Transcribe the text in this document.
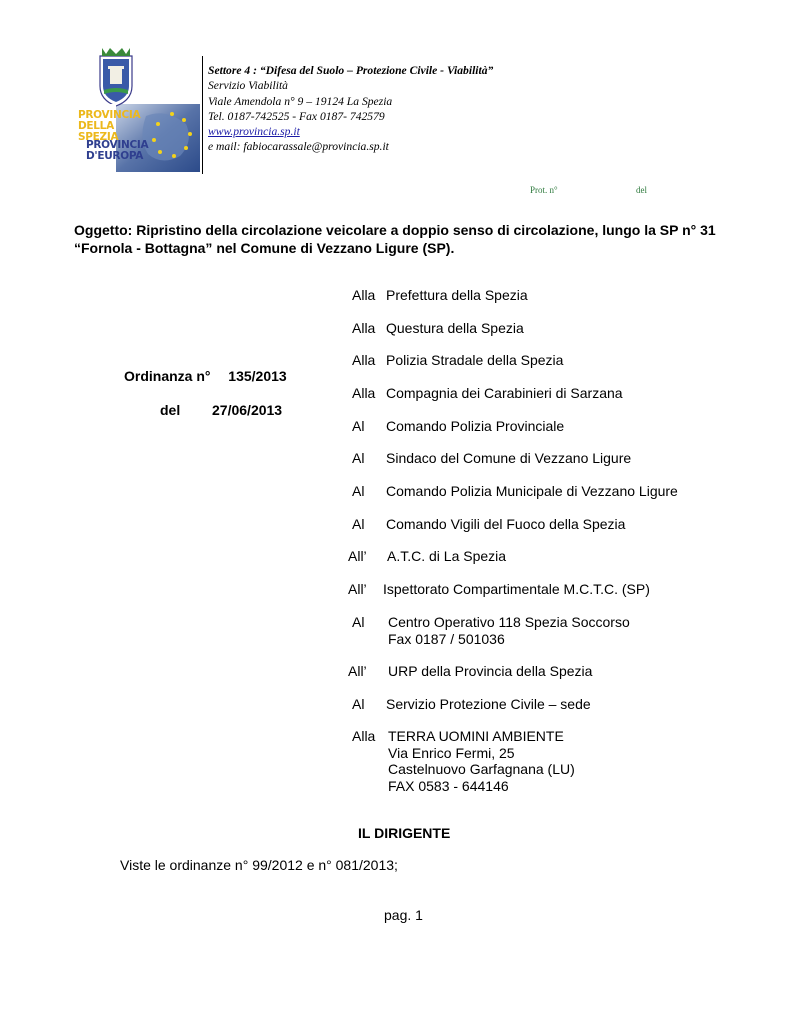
PROVINCIA
DELLA SPEZIA
PROVINCIA
D'EUROPA
Settore 4 : “Difesa del Suolo – Protezione Civile - Viabilità”
Servizio Viabilità
Viale Amendola n° 9 – 19124 La Spezia
Tel. 0187-742525 - Fax 0187- 742579
www.provincia.sp.it
e mail: fabiocarassale@provincia.sp.it
Prot. n°	del
Oggetto: Ripristino della circolazione veicolare a doppio senso di circolazione, lungo la SP n° 31
“Fornola - Bottagna” nel Comune di Vezzano Ligure (SP).
Ordinanza n° 135/2013
del 27/06/2013
Alla Prefettura della Spezia
Alla Questura della Spezia
Alla Polizia Stradale della Spezia
Alla Compagnia dei Carabinieri di Sarzana
Al Comando Polizia Provinciale
Al Sindaco del Comune di Vezzano Ligure
Al Comando Polizia Municipale di Vezzano Ligure
Al Comando Vigili del Fuoco della Spezia
All’ A.T.C. di La Spezia
All’ Ispettorato Compartimentale M.C.T.C. (SP)
Al Centro Operativo 118 Spezia Soccorso
Fax 0187 / 501036
All’ URP della Provincia della Spezia
Al Servizio Protezione Civile – sede
Alla TERRA UOMINI AMBIENTE
Via Enrico Fermi, 25
Castelnuovo Garfagnana (LU)
FAX 0583 - 644146
IL DIRIGENTE
Viste le ordinanze n° 99/2012 e n° 081/2013;
pag. 1
